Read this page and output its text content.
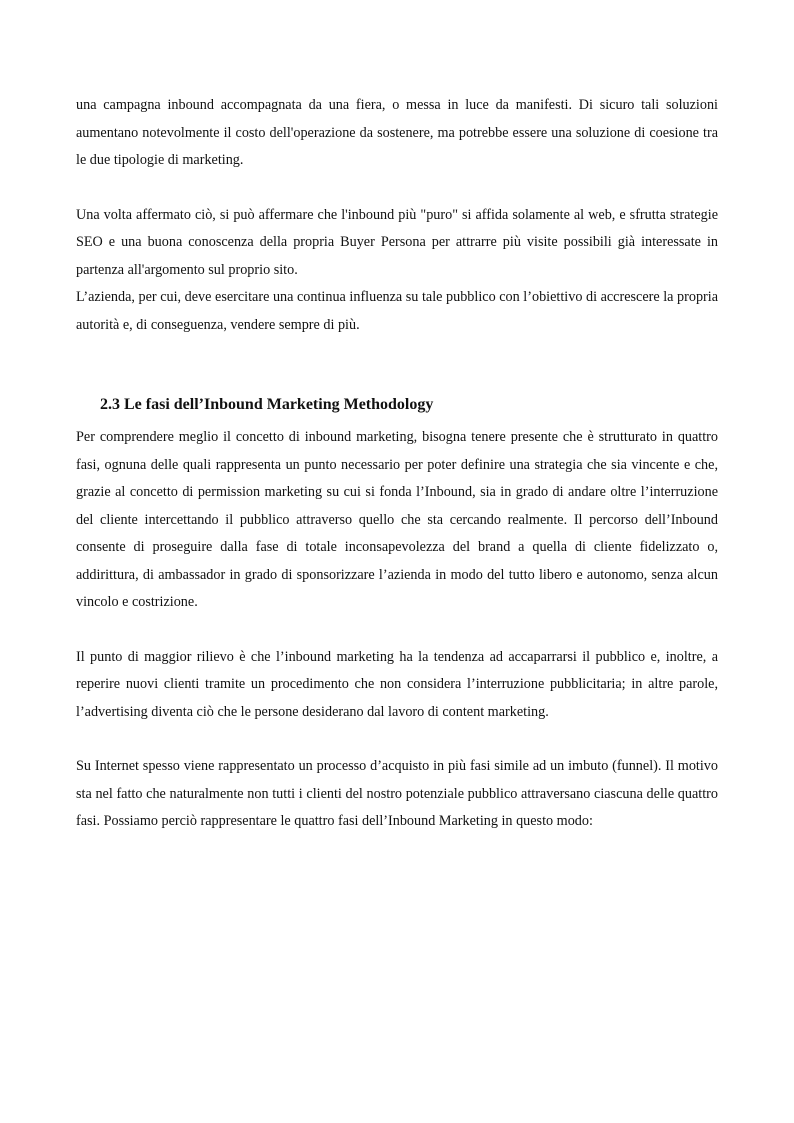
una campagna inbound accompagnata da una fiera, o messa in luce da manifesti. Di sicuro tali soluzioni aumentano notevolmente il costo dell'operazione da sostenere, ma potrebbe essere una soluzione di coesione tra le due tipologie di marketing.

Una volta affermato ciò, si può affermare che l'inbound più "puro" si affida solamente al web, e sfrutta strategie SEO e una buona conoscenza della propria Buyer Persona per attrarre più visite possibili già interessate in partenza all'argomento sul proprio sito.

L’azienda, per cui, deve esercitare una continua influenza su tale pubblico con l’obiettivo di accrescere la propria autorità e, di conseguenza, vendere sempre di più.

2.3 Le fasi dell’Inbound Marketing Methodology

Per comprendere meglio il concetto di inbound marketing, bisogna tenere presente che è strutturato in quattro fasi, ognuna delle quali rappresenta un punto necessario per poter definire una strategia che sia vincente e che, grazie al concetto di permission marketing su cui si fonda l’Inbound, sia in grado di andare oltre l’interruzione del cliente intercettando il pubblico attraverso quello che sta cercando realmente. Il percorso dell’Inbound consente di proseguire dalla fase di totale inconsapevolezza del brand a quella di cliente fidelizzato o, addirittura, di ambassador in grado di sponsorizzare l’azienda in modo del tutto libero e autonomo, senza alcun vincolo e costrizione.

Il punto di maggior rilievo è che l’inbound marketing ha la tendenza ad accaparrarsi il pubblico e, inoltre, a reperire nuovi clienti tramite un procedimento che non considera l’interruzione pubblicitaria; in altre parole, l’advertising diventa ciò che le persone desiderano dal lavoro di content marketing.

Su Internet spesso viene rappresentato un processo d’acquisto in più fasi simile ad un imbuto (funnel). Il motivo sta nel fatto che naturalmente non tutti i clienti del nostro potenziale pubblico attraversano ciascuna delle quattro fasi. Possiamo perciò rappresentare le quattro fasi dell’Inbound Marketing in questo modo:
